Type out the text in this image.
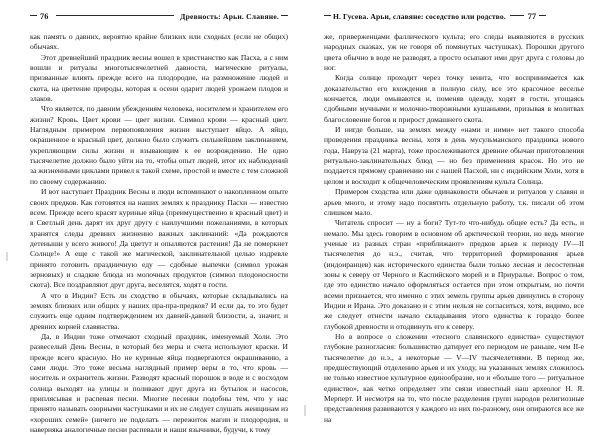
76	Древность: Арьи. Славяне.

как память о давних, вероятно крайне близких или сходных (если не общих) обычаях.

Этот древнейший праздник весны вошел в христианство как Пасха, а с ним вошли и ритуалы многотысячелетней давности, магические ритуалы, призванные влиять прежде всего на плодородие, на размножение людей и скота, на цветение природы, которая к осени одарит людей урожаем плодов и злаков.

Что является, по давним убеждениям человека, носителем и хранителем его жизни? Кровь. Цвет крови — цвет жизни. Символ крови — красный цвет. Наглядным примером первопоявления жизни выступает яйцо. А яйцо, окрашенное в красный цвет, должно было служить сильнейшим заклинанием, укрепляющим силы жизни и взывающим к ее возрождению. Не одно тысячелетие должно было уйти на то, чтобы опыт людей, итог их наблюдений за жизненными циклами привел к такой схеме, простой и вместе с тем сложной по своему содержанию.

И вот наступает Праздник Весны и люди вспоминают о накопленном опыте своих предков. Как готовятся на наших землях к празднику Пасхи — известно всем. Прежде всего красят куриные яйца (преимущественно в красный цвет) и в Светлый день дарят их друг другу с наилучшими пожеланиями, в которых хранятся следы древних жизненно важных заклинаний: «Да рождаются детеныши у всего живого! Да цветут и опыляются растения! Да не померкнет Солнце!» А еще с такой же магической, заклинательной целью издревле принято готовить праздничную еду — сдобные выпечки (символ урожая зерновых) и сладкие блюда из молочных продуктов (символ плодоносности скота). Все поздравляют друг друга, веселятся, ходят в гости.

А что в Индии? Есть ли сходство в обычаях, которые складывались на землях близких или общих у наших пра-пра-предков? И если да, то это будет служить еще одним подтверждением их давней-давней близости, а, значит, и древних корней славянства.

Да, в Индии тоже отмечают сходный праздник, именуемый Холи. Это развеселый День Весны, в который без меры и счета используют краски. И прежде всего красную. Но не куриные яйца подвергаются окрашиванию, а сами люди. Это тоже весьма наглядный пример веры в то, что кровь — носитель и охранитель жизни. Разводят красный порошок в воде и с восходом солнца выходят на улицы и поливают друг друга из бутылок и насосов, приплясывая и распевая песни. Многие песенки подобны тем, что у нас принято называть озорными частушками и их не следует слушать женщинам из «хороших семей» (ничего не поделать — пережиток магии и плодородия, и наверняка аналогичные песни распевали и наши язычники, будучи, к тому

Н. Гусева. Арьи, славяне: соседство или родство.	77

же, приверженцами фаллического культа; его следы выявляются в русских народных сказках, уж не говоря об помянутых частушках). Порошки другого цвета обычно в воде не разводят, а просто осыпают ими друг друга с головы до ног.

Когда солнце проходит через точку зенита, что воспринимается как доказательство его вхождения в полную силу, все это красочное веселье кончается, люди омываются и, поменяв одежду, ходят в гости, угощаясь сдобными мучными и молочно-творожными кушаньями, призывая в молитвах благословение богов и прирост домашнего скота.

И нигде больше, на землях между «нами и ними» нет такого способа проведения праздника весны, хотя в день мусульманского праздника нового года, Навруза (21 марта), тоже прослеживаются древние обычаи приготовления ритуально-заклинательных блюд — но без применения красок. Но это не поддается прямому сравнению ни с нашей Пасхой, ни с индийским Холи, хотя в целом и восходит к общечеловеческим проявлениям культа Солнца.

Примером сходства или даже одинаковости обычаев и ритуалов у славян и арьев много, и этому надо посвятить отдельную работу, т.к. писали об этом слишком мало.

Читатель спросит — ну а боги? Тут-то что-нибудь общее есть? Да есть, и немало. Мы здесь говорим в основном об арктической теории, но ведь многие ученые из разных стран «приближают» предков арьев к периоду IV—II тысячелетия до н.э., считая, что территорией формирования арьев (индоиранцев) как исторического единства были только лесная и лесостепная зоны к северу от Черного и Каспийского морей и в Приуралье. Вопрос о том, где это единство начало оформляться остается при этом открытым, но почти всеми признается, что именно с этих земель группы арьев двинулись в сторону Индии и Ирана. Это доказано и с этим нельзя не согласиться, хотя, видимо, все же следует отнести начало складывания этого единства к гораздо более глубокой древности и отодвинуть его к северу.

Но в вопросе о сложении «тесного славянского единства» существуют глубокие разногласия: большинство датирует его периодом не раньше, чем II-е тысячелетие до н.э., а некоторые — V—IV тысячелетиями. В период же, предшествующий отделению арьев и их уходу, на указанных землях сложилось не только известное культурное единообразие, но и «больше того — ритуальное единство», как четко определяет эти связи известный наш археолог Н. Я. Мерперт. И несмотря на то, что после разделения групп народов религиозные представления развиваются у каждого из них по-разному, они опираются все же на
